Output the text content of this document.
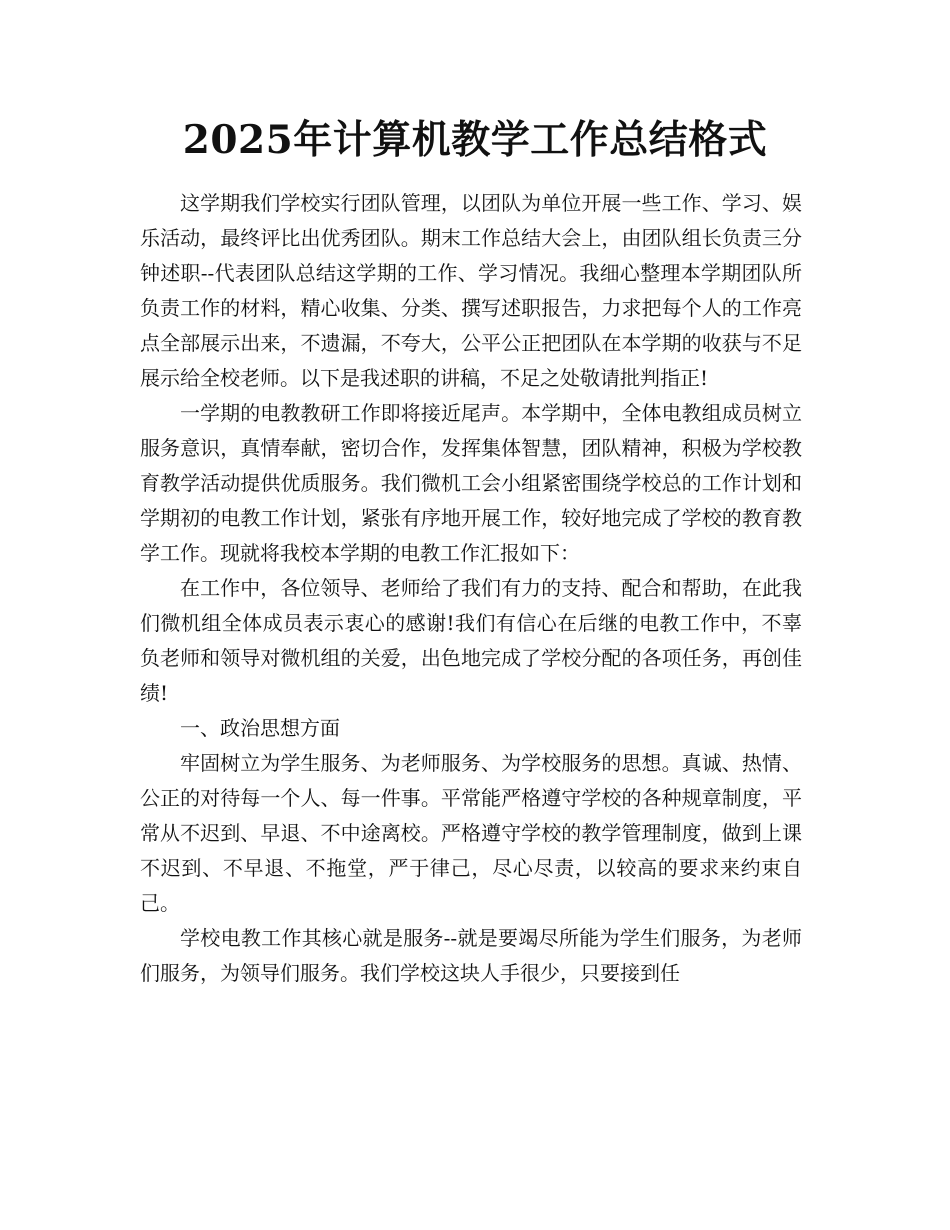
2025年计算机教学工作总结格式

这学期我们学校实行团队管理，以团队为单位开展一些工作、学习、娱乐活动，最终评比出优秀团队。期末工作总结大会上，由团队组长负责三分钟述职--代表团队总结这学期的工作、学习情况。我细心整理本学期团队所负责工作的材料，精心收集、分类、撰写述职报告，力求把每个人的工作亮点全部展示出来，不遗漏，不夸大，公平公正把团队在本学期的收获与不足展示给全校老师。以下是我述职的讲稿，不足之处敬请批判指正!

一学期的电教教研工作即将接近尾声。本学期中，全体电教组成员树立服务意识，真情奉献，密切合作，发挥集体智慧，团队精神，积极为学校教育教学活动提供优质服务。我们微机工会小组紧密围绕学校总的工作计划和学期初的电教工作计划，紧张有序地开展工作，较好地完成了学校的教育教学工作。现就将我校本学期的电教工作汇报如下：

在工作中，各位领导、老师给了我们有力的支持、配合和帮助，在此我们微机组全体成员表示衷心的感谢!我们有信心在后继的电教工作中，不辜负老师和领导对微机组的关爱，出色地完成了学校分配的各项任务，再创佳绩!

一、政治思想方面

牢固树立为学生服务、为老师服务、为学校服务的思想。真诚、热情、公正的对待每一个人、每一件事。平常能严格遵守学校的各种规章制度，平常从不迟到、早退、不中途离校。严格遵守学校的教学管理制度，做到上课不迟到、不早退、不拖堂，严于律己，尽心尽责，以较高的要求来约束自己。

学校电教工作其核心就是服务--就是要竭尽所能为学生们服务，为老师们服务，为领导们服务。我们学校这块人手很少，只要接到任
